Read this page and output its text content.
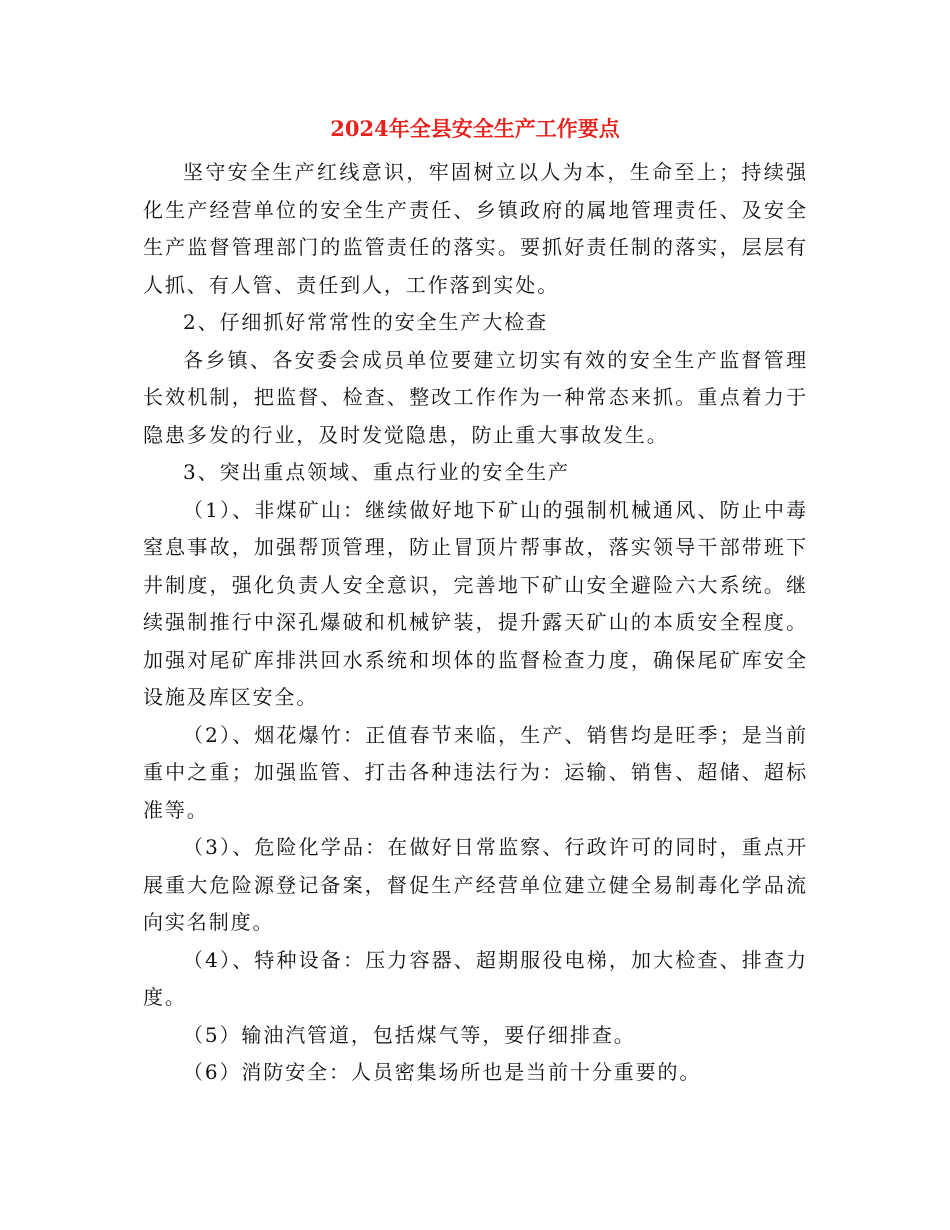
2024年全县安全生产工作要点

坚守安全生产红线意识，牢固树立以人为本，生命至上；持续强化生产经营单位的安全生产责任、乡镇政府的属地管理责任、及安全生产监督管理部门的监管责任的落实。要抓好责任制的落实，层层有人抓、有人管、责任到人，工作落到实处。

2、仔细抓好常常性的安全生产大检查

各乡镇、各安委会成员单位要建立切实有效的安全生产监督管理长效机制，把监督、检查、整改工作作为一种常态来抓。重点着力于隐患多发的行业，及时发觉隐患，防止重大事故发生。

3、突出重点领域、重点行业的安全生产

（1）、非煤矿山：继续做好地下矿山的强制机械通风、防止中毒窒息事故，加强帮顶管理，防止冒顶片帮事故，落实领导干部带班下井制度，强化负责人安全意识，完善地下矿山安全避险六大系统。继续强制推行中深孔爆破和机械铲装，提升露天矿山的本质安全程度。加强对尾矿库排洪回水系统和坝体的监督检查力度，确保尾矿库安全设施及库区安全。

（2）、烟花爆竹：正值春节来临，生产、销售均是旺季；是当前重中之重；加强监管、打击各种违法行为：运输、销售、超储、超标准等。

（3）、危险化学品：在做好日常监察、行政许可的同时，重点开展重大危险源登记备案，督促生产经营单位建立健全易制毒化学品流向实名制度。

（4）、特种设备：压力容器、超期服役电梯，加大检查、排查力度。

（5）输油汽管道，包括煤气等，要仔细排查。

（6）消防安全：人员密集场所也是当前十分重要的。
